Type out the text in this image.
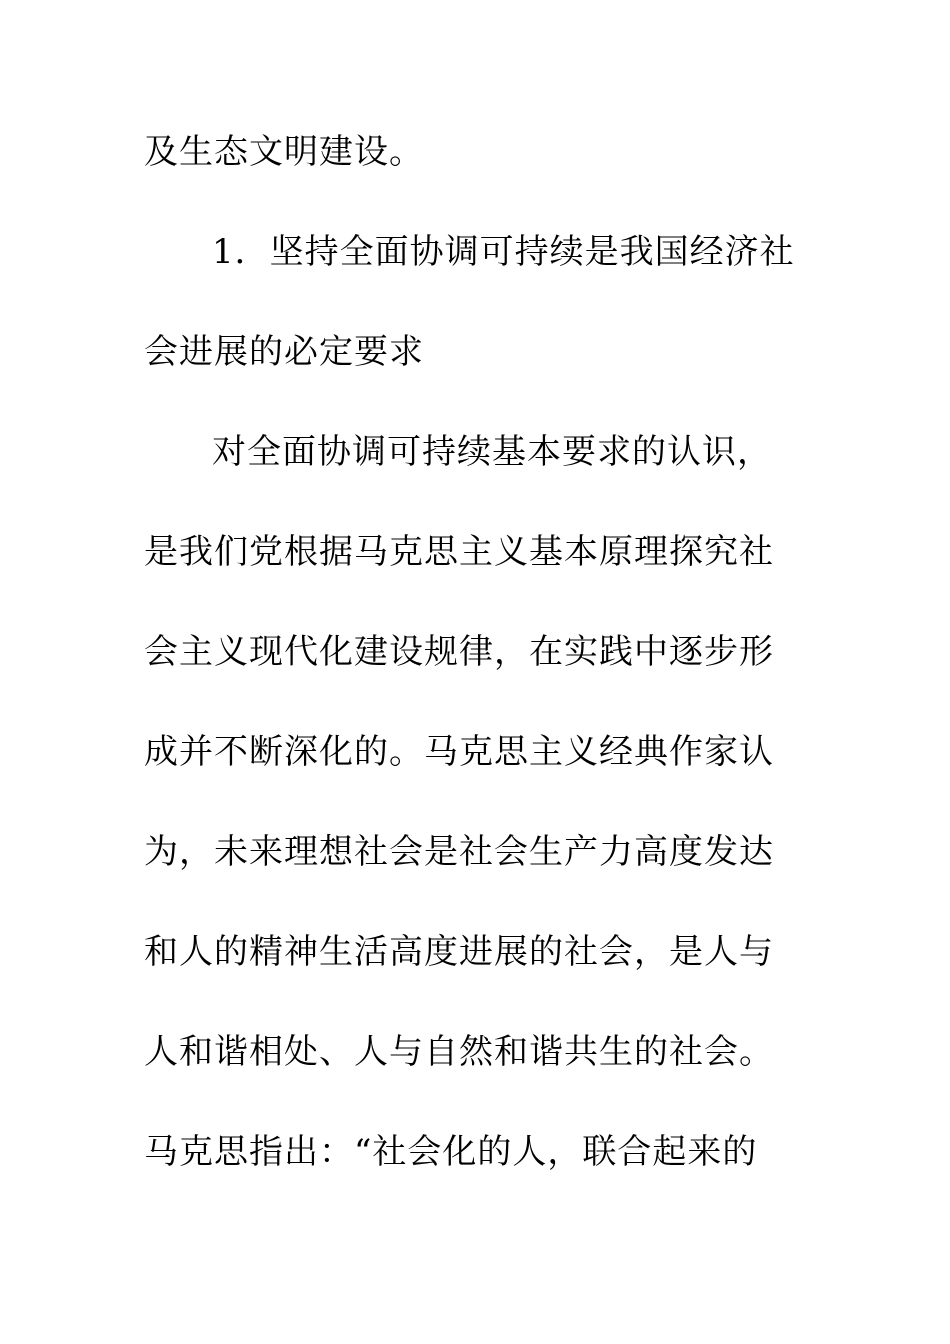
及生态文明建设。
1．坚持全面协调可持续是我国经济社
会进展的必定要求
对全面协调可持续基本要求的认识，
是我们党根据马克思主义基本原理探究社
会主义现代化建设规律，在实践中逐步形
成并不断深化的。马克思主义经典作家认
为，未来理想社会是社会生产力高度发达
和人的精神生活高度进展的社会，是人与
人和谐相处、人与自然和谐共生的社会。
马克思指出：“社会化的人，联合起来的
